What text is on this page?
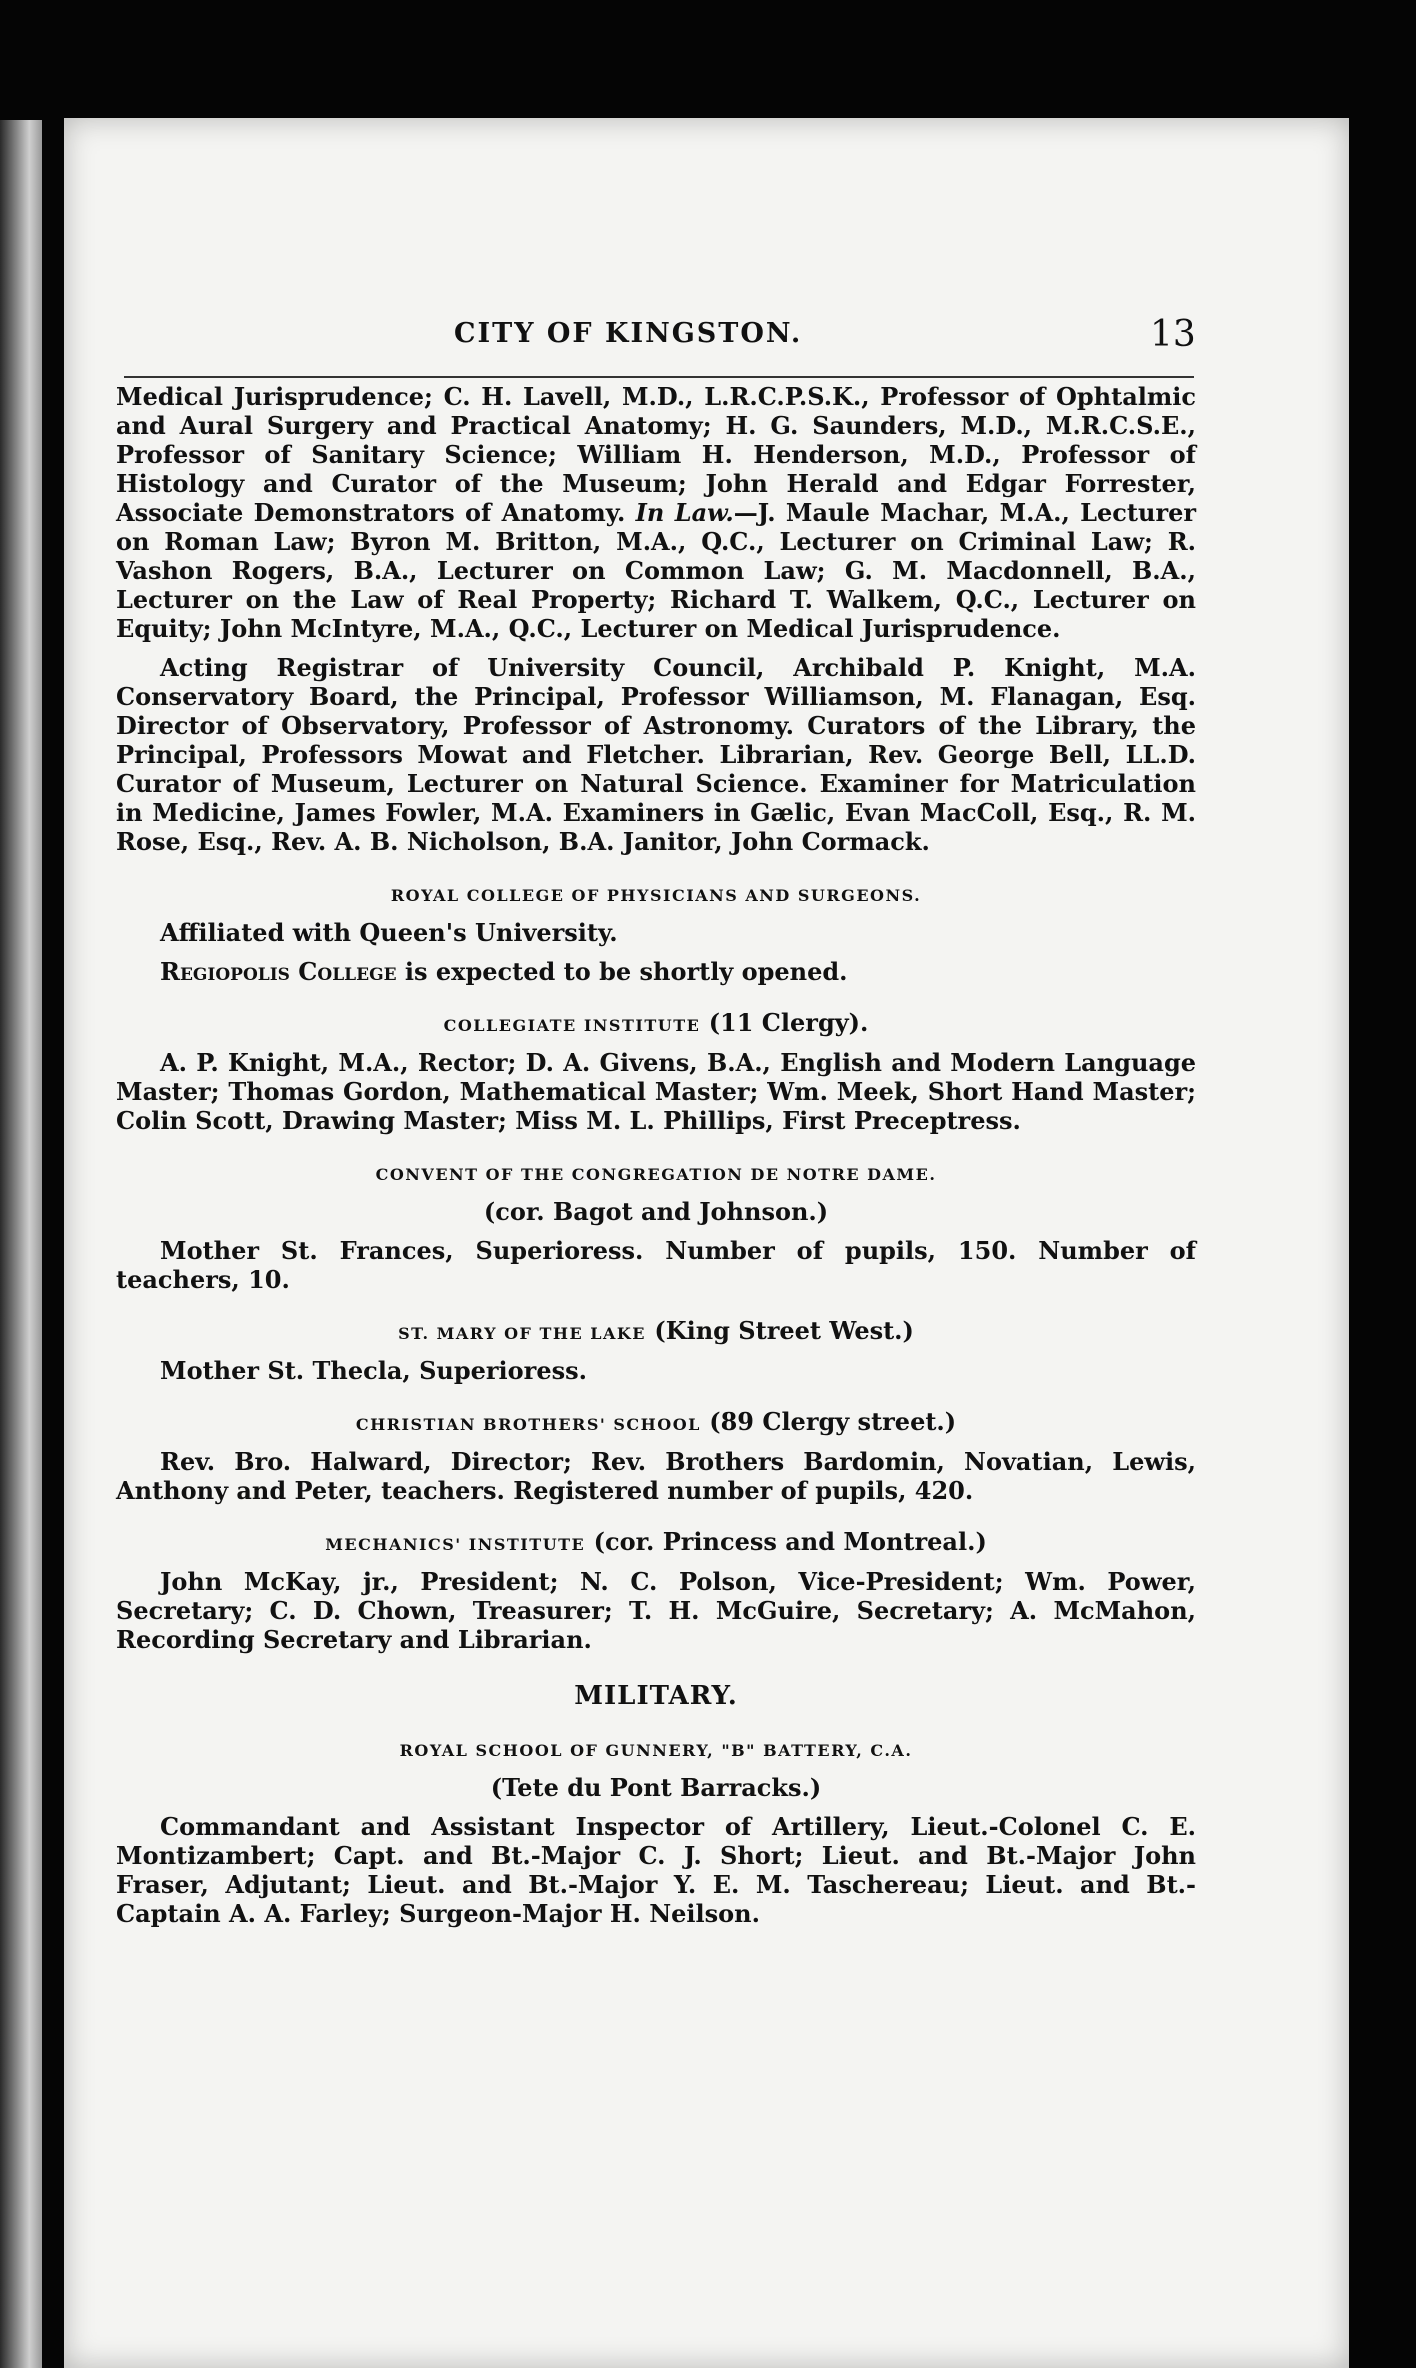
CITY OF KINGSTON.	13

Medical Jurisprudence; C. H. Lavell, M.D., L.R.C.P.S.K., Professor of Ophtalmic and Aural Surgery and Practical Anatomy; H. G. Saunders, M.D., M.R.C.S.E., Professor of Sanitary Science; William H. Henderson, M.D., Professor of Histology and Curator of the Museum; John Herald and Edgar Forrester, Associate Demonstrators of Anatomy. In Law.—J. Maule Machar, M.A., Lecturer on Roman Law; Byron M. Britton, M.A., Q.C., Lecturer on Criminal Law; R. Vashon Rogers, B.A., Lecturer on Common Law; G. M. Macdonnell, B.A., Lecturer on the Law of Real Property; Richard T. Walkem, Q.C., Lecturer on Equity; John McIntyre, M.A., Q.C., Lecturer on Medical Jurisprudence.

Acting Registrar of University Council, Archibald P. Knight, M.A. Conservatory Board, the Principal, Professor Williamson, M. Flanagan, Esq. Director of Observatory, Professor of Astronomy. Curators of the Library, the Principal, Professors Mowat and Fletcher. Librarian, Rev. George Bell, LL.D. Curator of Museum, Lecturer on Natural Science. Examiner for Matriculation in Medicine, James Fowler, M.A. Examiners in Gælic, Evan MacColl, Esq., R. M. Rose, Esq., Rev. A. B. Nicholson, B.A. Janitor, John Cormack.

ROYAL COLLEGE OF PHYSICIANS AND SURGEONS.

Affiliated with Queen's University.

Regiopolis College is expected to be shortly opened.

COLLEGIATE INSTITUTE (11 Clergy).

A. P. Knight, M.A., Rector; D. A. Givens, B.A., English and Modern Language Master; Thomas Gordon, Mathematical Master; Wm. Meek, Short Hand Master; Colin Scott, Drawing Master; Miss M. L. Phillips, First Preceptress.

CONVENT OF THE CONGREGATION DE NOTRE DAME.
(cor. Bagot and Johnson.)

Mother St. Frances, Superioress. Number of pupils, 150. Number of teachers, 10.

ST. MARY OF THE LAKE (King Street West.)

Mother St. Thecla, Superioress.

CHRISTIAN BROTHERS' SCHOOL (89 Clergy street.)

Rev. Bro. Halward, Director; Rev. Brothers Bardomin, Novatian, Lewis, Anthony and Peter, teachers. Registered number of pupils, 420.

MECHANICS' INSTITUTE (cor. Princess and Montreal.)

John McKay, jr., President; N. C. Polson, Vice-President; Wm. Power, Secretary; C. D. Chown, Treasurer; T. H. McGuire, Secretary; A. McMahon, Recording Secretary and Librarian.

MILITARY.
ROYAL SCHOOL OF GUNNERY, "B" BATTERY, C.A.
(Tete du Pont Barracks.)

Commandant and Assistant Inspector of Artillery, Lieut.-Colonel C. E. Montizambert; Capt. and Bt.-Major C. J. Short; Lieut. and Bt.-Major John Fraser, Adjutant; Lieut. and Bt.-Major Y. E. M. Taschereau; Lieut. and Bt.-Captain A. A. Farley; Surgeon-Major H. Neilson.
